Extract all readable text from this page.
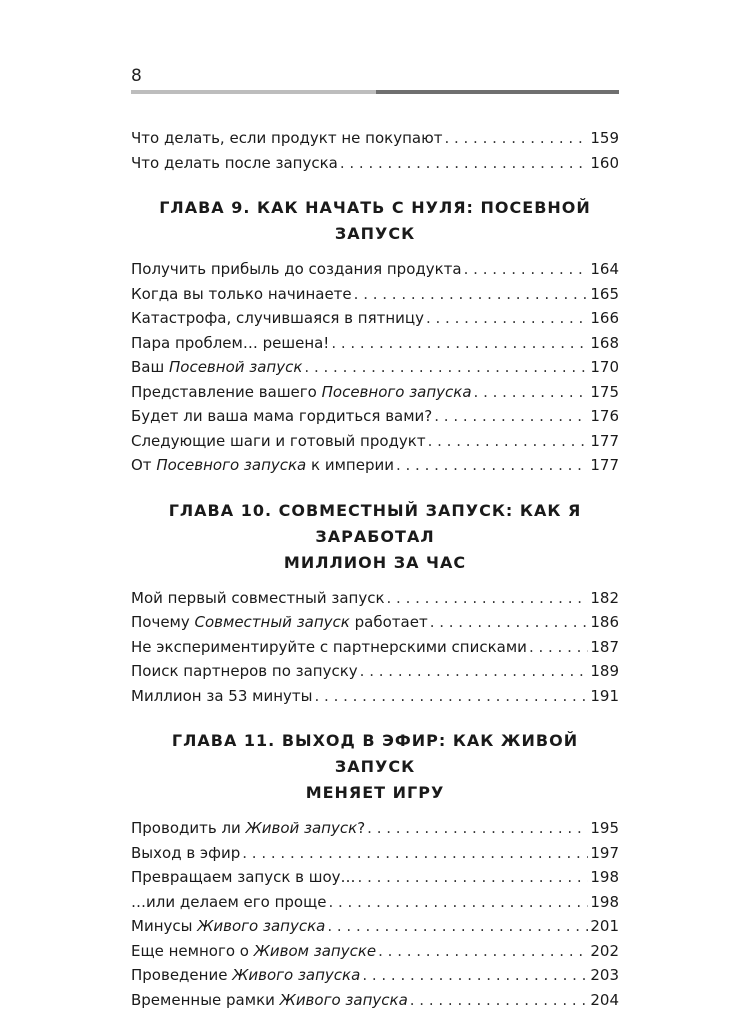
8
Что делать, если продукт не покупают . . .	159
Что делать после запуска . . .	160
ГЛАВА 9. КАК НАЧАТЬ С НУЛЯ: ПОСЕВНОЙ ЗАПУСК
Получить прибыль до создания продукта . . .	164
Когда вы только начинаете . . .	165
Катастрофа, случившаяся в пятницу . . .	166
Пара проблем… решена! . . .	168
Ваш Посевной запуск . . .	170
Представление вашего Посевного запуска . . .	175
Будет ли ваша мама гордиться вами? . . .	176
Следующие шаги и готовый продукт . . .	177
От Посевного запуска к империи . . .	177
ГЛАВА 10. СОВМЕСТНЫЙ ЗАПУСК: КАК Я ЗАРАБОТАЛ
МИЛЛИОН ЗА ЧАС
Мой первый совместный запуск . . .	182
Почему Совместный запуск работает . . .	186
Не экспериментируйте с партнерскими списками . . .	187
Поиск партнеров по запуску . . .	189
Миллион за 53 минуты . . .	191
ГЛАВА 11. ВЫХОД В ЭФИР: КАК ЖИВОЙ ЗАПУСК
МЕНЯЕТ ИГРУ
Проводить ли Живой запуск? . . .	195
Выход в эфир . . .	197
Превращаем запуск в шоу… . . .	198
…или делаем его проще . . .	198
Минусы Живого запуска . . .	201
Еще немного о Живом запуске . . .	202
Проведение Живого запуска . . .	203
Временные рамки Живого запуска . . .	204
